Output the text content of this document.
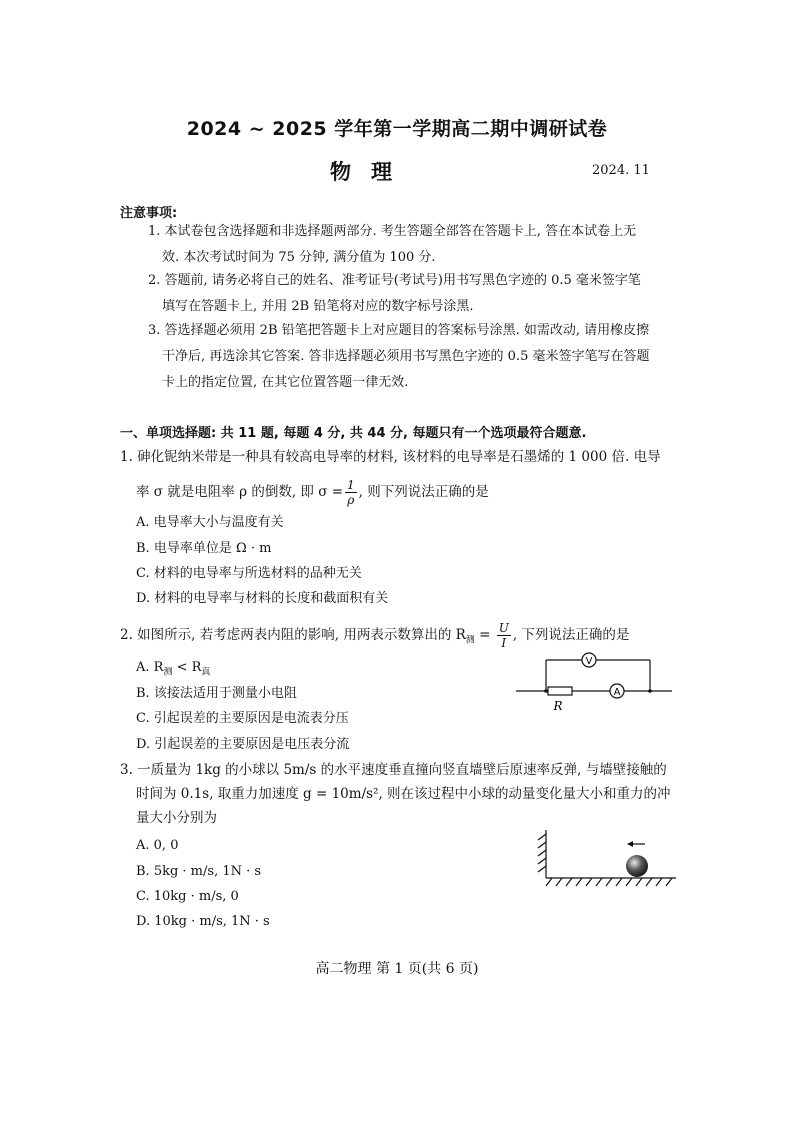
2024 ~ 2025 学年第一学期高二期中调研试卷
物理	2024. 11
注意事项:
1. 本试卷包含选择题和非选择题两部分. 考生答题全部答在答题卡上, 答在本试卷上无
效. 本次考试时间为 75 分钟, 满分值为 100 分.
2. 答题前, 请务必将自己的姓名、准考证号(考试号)用书写黑色字迹的 0.5 毫米签字笔
填写在答题卡上, 并用 2B 铅笔将对应的数字标号涂黑.
3. 答选择题必须用 2B 铅笔把答题卡上对应题目的答案标号涂黑. 如需改动, 请用橡皮擦
干净后, 再选涂其它答案. 答非选择题必须用书写黑色字迹的 0.5 毫米签字笔写在答题
卡上的指定位置, 在其它位置答题一律无效.
一、单项选择题: 共 11 题, 每题 4 分, 共 44 分, 每题只有一个选项最符合题意.
1. 砷化铌纳米带是一种具有较高电导率的材料, 该材料的电导率是石墨烯的 1 000 倍. 电导
率 σ 就是电阻率 ρ 的倒数, 即 $\sigma = \frac{1}{\rho}$ , 则下列说法正确的是
A. 电导率大小与温度有关
B. 电导率单位是 Ω · m
C. 材料的电导率与所选材料的品种无关
D. 材料的电导率与材料的长度和截面积有关
2. 如图所示, 若考虑两表内阻的影响, 用两表示数算出的 $R_测 = \frac{U}{I}$ , 下列说法正确的是
A. $R_测 < R_真$
B. 该接法适用于测量小电阻
C. 引起误差的主要原因是电流表分压
D. 引起误差的主要原因是电压表分流
V
A
R
3. 一质量为 1kg 的小球以 5m/s 的水平速度垂直撞向竖直墙壁后原速率反弹, 与墙壁接触的
时间为 0.1s, 取重力加速度 g = 10m/s², 则在该过程中小球的动量变化量大小和重力的冲
量大小分别为
A. 0, 0
B. 5kg · m/s, 1N · s
C. 10kg · m/s, 0
D. 10kg · m/s, 1N · s
高二物理 第 1 页(共 6 页)
